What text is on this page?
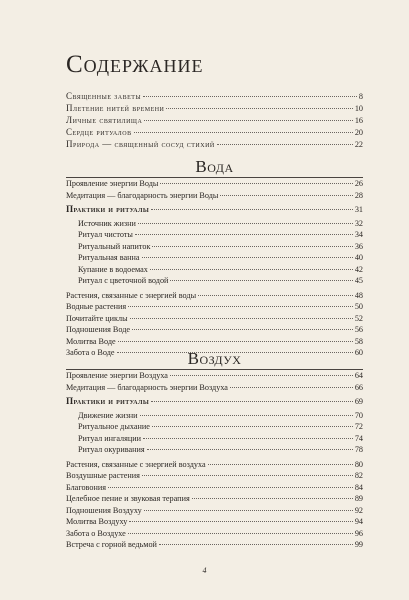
Содержание
Священные заветы	8
Плетение нитей времени	10
Личные святилища	16
Сердце ритуалов	20
Природа — священный сосуд стихий	22
Вода
Проявление энергии Воды	26
Медитация — благодарность энергии Воды	28
Практики и ритуалы	31
Источник жизни	32
Ритуал чистоты	34
Ритуальный напиток	36
Ритуальная ванна	40
Купание в водоемах	42
Ритуал с цветочной водой	45
Растения, связанные с энергией воды	48
Водные растения	50
Почитайте циклы	52
Подношения Воде	56
Молитва Воде	58
Забота о Воде	60
Воздух
Проявление энергии Воздуха	64
Медитация — благодарность энергии Воздуха	66
Практики и ритуалы	69
Движение жизни	70
Ритуальное дыхание	72
Ритуал ингаляции	74
Ритуал окуривания	78
Растения, связанные с энергией воздуха	80
Воздушные растения	82
Благовония	84
Целебное пение и звуковая терапия	89
Подношения Воздуху	92
Молитва Воздуху	94
Забота о Воздухе	96
Встреча с горной ведьмой	99
4
